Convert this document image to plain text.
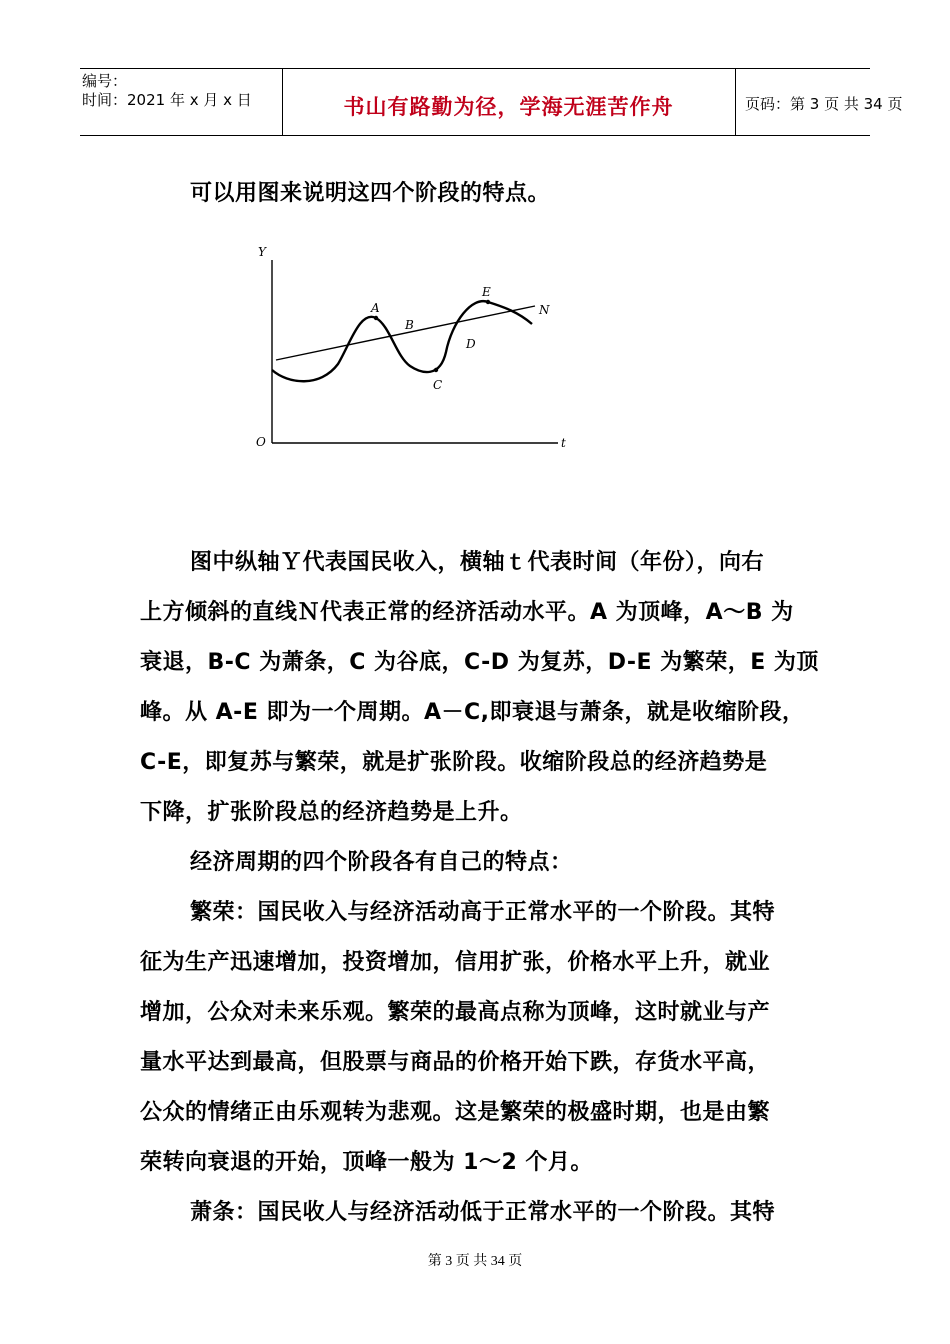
编号：
时间：2021 年 x 月 x 日	书山有路勤为径，学海无涯苦作舟	页码：第 3 页 共 34 页
可以用图来说明这四个阶段的特点。
Y
O	t
A
B
C
D
E
N
图中纵轴Ｙ代表国民收入，横轴ｔ代表时间（年份），向右
上方倾斜的直线Ｎ代表正常的经济活动水平。A 为顶峰，A～B 为
衰退，B-C 为萧条，C 为谷底，C-D 为复苏，D-E 为繁荣，E 为顶
峰。从 A-E 即为一个周期。A－C,即衰退与萧条，就是收缩阶段，
C-E，即复苏与繁荣，就是扩张阶段。收缩阶段总的经济趋势是
下降，扩张阶段总的经济趋势是上升。
经济周期的四个阶段各有自己的特点：
繁荣：国民收入与经济活动高于正常水平的一个阶段。其特
征为生产迅速增加，投资增加，信用扩张，价格水平上升，就业
增加，公众对未来乐观。繁荣的最高点称为顶峰，这时就业与产
量水平达到最高，但股票与商品的价格开始下跌，存货水平高，
公众的情绪正由乐观转为悲观。这是繁荣的极盛时期，也是由繁
荣转向衰退的开始，顶峰一般为 1～2 个月。
萧条：国民收人与经济活动低于正常水平的一个阶段。其特
第 3 页 共 34 页
